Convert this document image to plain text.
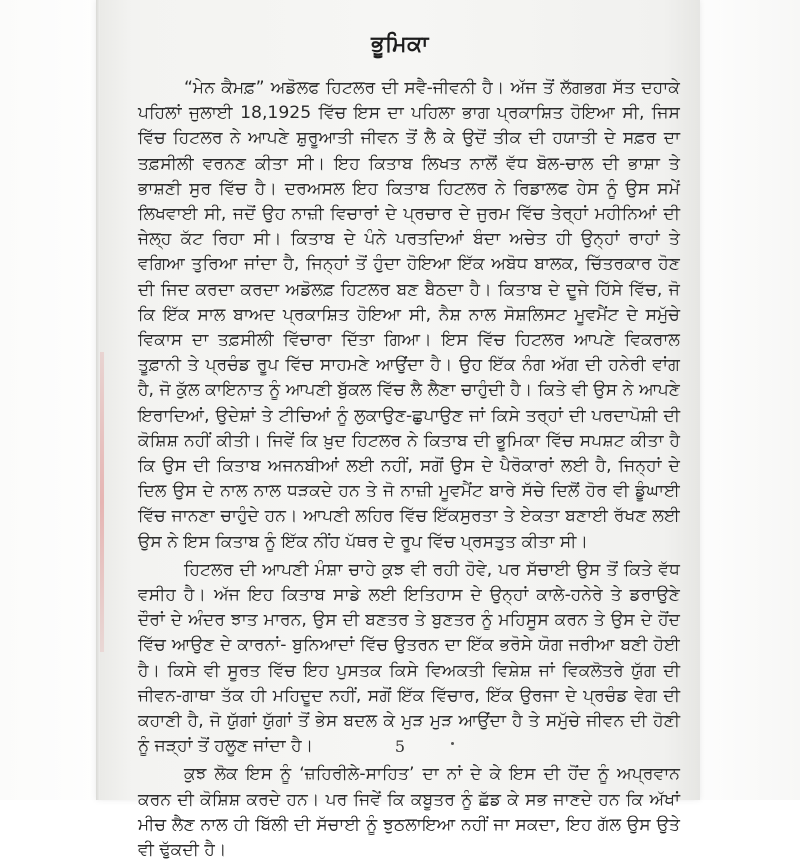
ਭੂਮਿਕਾ

“ਮੇਨ ਕੈਮਫ਼” ਅਡੋਲਫ ਹਿਟਲਰ ਦੀ ਸਵੈ-ਜੀਵਨੀ ਹੈ। ਅੱਜ ਤੋਂ ਲੱਗਭਗ ਸੱਤ ਦਹਾਕੇ ਪਹਿਲਾਂ ਜੁਲਾਈ 18,1925 ਵਿੱਚ ਇਸ ਦਾ ਪਹਿਲਾ ਭਾਗ ਪ੍ਰਕਾਸ਼ਿਤ ਹੋਇਆ ਸੀ, ਜਿਸ ਵਿੱਚ ਹਿਟਲਰ ਨੇ ਆਪਣੇ ਸ਼ੁਰੂਆਤੀ ਜੀਵਨ ਤੋਂ ਲੈ ਕੇ ਉਦੋਂ ਤੀਕ ਦੀ ਹਯਾਤੀ ਦੇ ਸਫ਼ਰ ਦਾ ਤਫ਼ਸੀਲੀ ਵਰਨਣ ਕੀਤਾ ਸੀ। ਇਹ ਕਿਤਾਬ ਲਿਖਤ ਨਾਲੋਂ ਵੱਧ ਬੋਲ-ਚਾਲ ਦੀ ਭਾਸ਼ਾ ਤੇ ਭਾਸ਼ਣੀ ਸੁਰ ਵਿੱਚ ਹੈ। ਦਰਅਸਲ ਇਹ ਕਿਤਾਬ ਹਿਟਲਰ ਨੇ ਰਿਡਾਲਫ ਹੇਸ ਨੂੰ ਉਸ ਸਮੇਂ ਲਿਖਵਾਈ ਸੀ, ਜਦੋਂ ਉਹ ਨਾਜ਼ੀ ਵਿਚਾਰਾਂ ਦੇ ਪ੍ਰਚਾਰ ਦੇ ਜੁਰਮ ਵਿੱਚ ਤੇਰ੍ਹਾਂ ਮਹੀਨਿਆਂ ਦੀ ਜੇਲ੍ਹ ਕੱਟ ਰਿਹਾ ਸੀ। ਕਿਤਾਬ ਦੇ ਪੰਨੇ ਪਰਤਦਿਆਂ ਬੰਦਾ ਅਚੇਤ ਹੀ ਉਨ੍ਹਾਂ ਰਾਹਾਂ ਤੇ ਵਗਿਆ ਤੁਰਿਆ ਜਾਂਦਾ ਹੈ, ਜਿਨ੍ਹਾਂ ਤੋਂ ਹੁੰਦਾ ਹੋਇਆ ਇੱਕ ਅਬੋਧ ਬਾਲਕ, ਚਿੱਤਰਕਾਰ ਹੋਣ ਦੀ ਜਿਦ ਕਰਦਾ ਕਰਦਾ ਅਡੋਲਫ਼ ਹਿਟਲਰ ਬਣ ਬੈਠਦਾ ਹੈ। ਕਿਤਾਬ ਦੇ ਦੂਜੇ ਹਿੱਸੇ ਵਿੱਚ, ਜੋ ਕਿ ਇੱਕ ਸਾਲ ਬਾਅਦ ਪ੍ਰਕਾਸ਼ਿਤ ਹੋਇਆ ਸੀ, ਨੈਸ਼ ਨਾਲ ਸੋਸ਼ਲਿਸਟ ਮੂਵਮੈਂਟ ਦੇ ਸਮੁੱਚੇ ਵਿਕਾਸ ਦਾ ਤਫ਼ਸੀਲੀ ਵਿੱਚਾਰਾ ਦਿੱਤਾ ਗਿਆ। ਇਸ ਵਿੱਚ ਹਿਟਲਰ ਆਪਣੇ ਵਿਕਰਾਲ ਤੂਫ਼ਾਨੀ ਤੇ ਪ੍ਰਚੰਡ ਰੂਪ ਵਿੱਚ ਸਾਹਮਣੇ ਆਉਂਦਾ ਹੈ। ਉਹ ਇੱਕ ਨੰਗ ਅੱਗ ਦੀ ਹਨੇਰੀ ਵਾਂਗ ਹੈ, ਜੋ ਕੁੱਲ ਕਾਇਨਾਤ ਨੂੰ ਆਪਣੀ ਬੁੱਕਲ ਵਿੱਚ ਲੈ ਲੈਣਾ ਚਾਹੁੰਦੀ ਹੈ। ਕਿਤੇ ਵੀ ਉਸ ਨੇ ਆਪਣੇ ਇਰਾਦਿਆਂ, ਉਦੇਸ਼ਾਂ ਤੇ ਟੀਚਿਆਂ ਨੂੰ ਲੁਕਾਉਣ-ਛੁਪਾਉਣ ਜਾਂ ਕਿਸੇ ਤਰ੍ਹਾਂ ਦੀ ਪਰਦਾਪੋਸ਼ੀ ਦੀ ਕੋਸ਼ਿਸ਼ ਨਹੀਂ ਕੀਤੀ। ਜਿਵੇਂ ਕਿ ਖ਼ੁਦ ਹਿਟਲਰ ਨੇ ਕਿਤਾਬ ਦੀ ਭੂਮਿਕਾ ਵਿੱਚ ਸਪਸ਼ਟ ਕੀਤਾ ਹੈ ਕਿ ਉਸ ਦੀ ਕਿਤਾਬ ਅਜਨਬੀਆਂ ਲਈ ਨਹੀਂ, ਸਗੋਂ ਉਸ ਦੇ ਪੈਰੋਕਾਰਾਂ ਲਈ ਹੈ, ਜਿਨ੍ਹਾਂ ਦੇ ਦਿਲ ਉਸ ਦੇ ਨਾਲ ਨਾਲ ਧੜਕਦੇ ਹਨ ਤੇ ਜੋ ਨਾਜ਼ੀ ਮੂਵਮੈਂਟ ਬਾਰੇ ਸੱਚੇ ਦਿਲੋਂ ਹੋਰ ਵੀ ਡੂੰਘਾਈ ਵਿੱਚ ਜਾਨਣਾ ਚਾਹੁੰਦੇ ਹਨ। ਆਪਣੀ ਲਹਿਰ ਵਿੱਚ ਇੱਕਸੁਰਤਾ ਤੇ ਏਕਤਾ ਬਣਾਈ ਰੱਖਣ ਲਈ ਉਸ ਨੇ ਇਸ ਕਿਤਾਬ ਨੂੰ ਇੱਕ ਨੀਂਹ ਪੱਥਰ ਦੇ ਰੂਪ ਵਿੱਚ ਪ੍ਰਸਤੁਤ ਕੀਤਾ ਸੀ।

ਹਿਟਲਰ ਦੀ ਆਪਣੀ ਮੰਸ਼ਾ ਚਾਹੇ ਕੁਝ ਵੀ ਰਹੀ ਹੋਵੇ, ਪਰ ਸੱਚਾਈ ਉਸ ਤੋਂ ਕਿਤੇ ਵੱਧ ਵਸੀਹ ਹੈ। ਅੱਜ ਇਹ ਕਿਤਾਬ ਸਾਡੇ ਲਈ ਇਤਿਹਾਸ ਦੇ ਉਨ੍ਹਾਂ ਕਾਲੇ-ਹਨੇਰੇ ਤੇ ਡਰਾਉਣੇ ਦੌਰਾਂ ਦੇ ਅੰਦਰ ਝਾਤ ਮਾਰਨ, ਉਸ ਦੀ ਬਣਤਰ ਤੇ ਬੁਣਤਰ ਨੂੰ ਮਹਿਸੂਸ ਕਰਨ ਤੇ ਉਸ ਦੇ ਹੋਂਦ ਵਿੱਚ ਆਉਣ ਦੇ ਕਾਰਨਾਂ- ਬੁਨਿਆਦਾਂ ਵਿੱਚ ਉਤਰਨ ਦਾ ਇੱਕ ਭਰੋਸੇ ਯੋਗ ਜਰੀਆ ਬਣੀ ਹੋਈ ਹੈ। ਕਿਸੇ ਵੀ ਸੂਰਤ ਵਿੱਚ ਇਹ ਪੁਸਤਕ ਕਿਸੇ ਵਿਅਕਤੀ ਵਿਸ਼ੇਸ਼ ਜਾਂ ਵਿਕਲੋਤਰੇ ਯੁੱਗ ਦੀ ਜੀਵਨ-ਗਾਥਾ ਤੱਕ ਹੀ ਮਹਿਦੂਦ ਨਹੀਂ, ਸਗੋਂ ਇੱਕ ਵਿੱਚਾਰ, ਇੱਕ ਉਰਜਾ ਦੇ ਪ੍ਰਚੰਡ ਵੇਗ ਦੀ ਕਹਾਣੀ ਹੈ, ਜੋ ਯੁੱਗਾਂ ਯੁੱਗਾਂ ਤੋਂ ਭੇਸ ਬਦਲ ਕੇ ਮੁੜ ਮੁੜ ਆਉਂਦਾ ਹੈ ਤੇ ਸਮੁੱਚੇ ਜੀਵਨ ਦੀ ਹੋਣੀ ਨੂੰ ਜੜ੍ਹਾਂ ਤੋਂ ਹਲੂਣ ਜਾਂਦਾ ਹੈ।

ਕੁਝ ਲੋਕ ਇਸ ਨੂੰ ‘ਜ਼ਹਿਰੀਲੇ-ਸਾਹਿਤ’ ਦਾ ਨਾਂ ਦੇ ਕੇ ਇਸ ਦੀ ਹੋਂਦ ਨੂੰ ਅਪ੍ਰਵਾਨ ਕਰਨ ਦੀ ਕੋਸ਼ਿਸ਼ ਕਰਦੇ ਹਨ। ਪਰ ਜਿਵੇਂ ਕਿ ਕਬੂਤਰ ਨੂੰ ਛੱਡ ਕੇ ਸਭ ਜਾਣਦੇ ਹਨ ਕਿ ਅੱਖਾਂ ਮੀਚ ਲੈਣ ਨਾਲ ਹੀ ਬਿੱਲੀ ਦੀ ਸੱਚਾਈ ਨੂੰ ਝੁਠਲਾਇਆ ਨਹੀਂ ਜਾ ਸਕਦਾ, ਇਹ ਗੱਲ ਉਸ ਉਤੇ ਵੀ ਢੁੱਕਦੀ ਹੈ।

5
